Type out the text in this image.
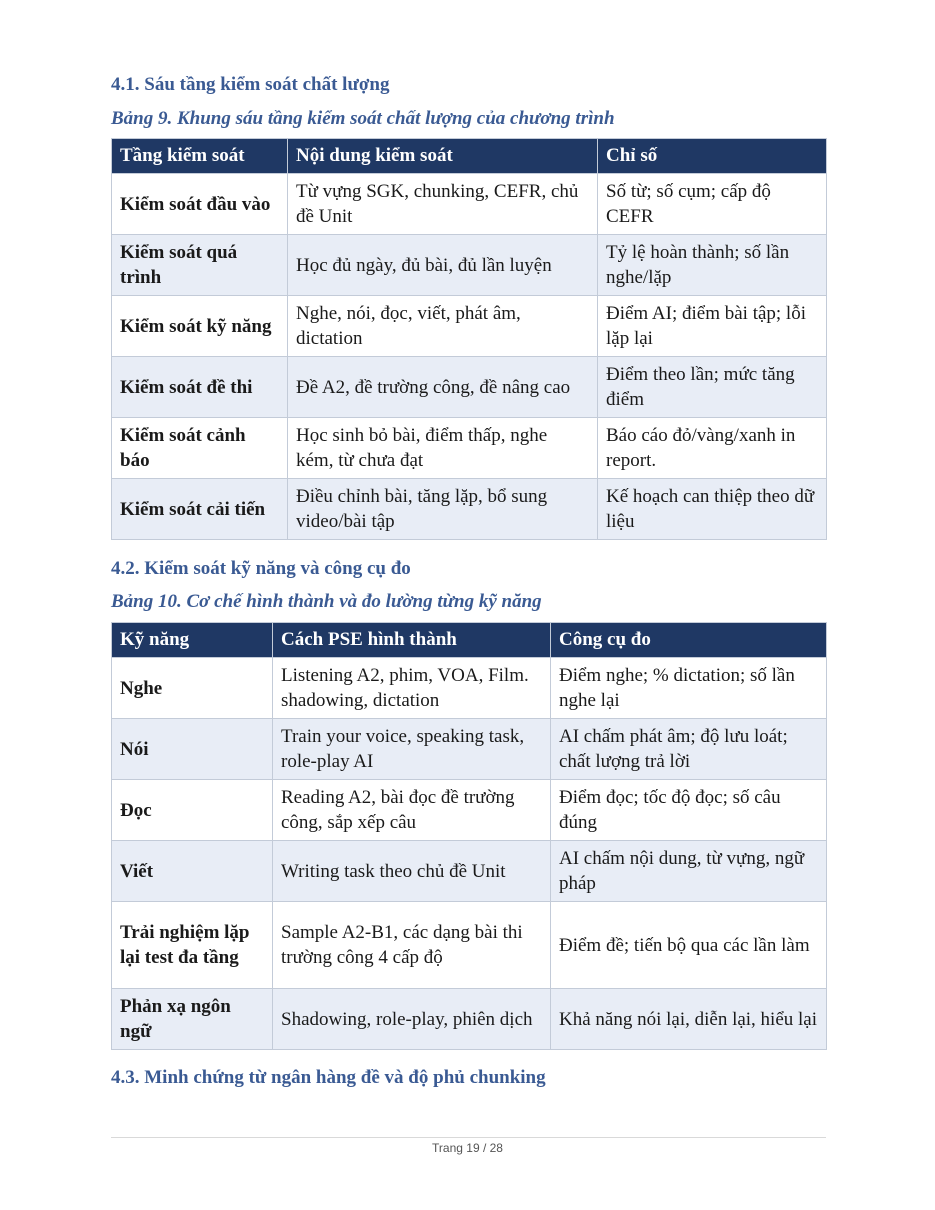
4.1. Sáu tầng kiểm soát chất lượng
Bảng 9. Khung sáu tầng kiểm soát chất lượng của chương trình
Tầng kiểm soát	Nội dung kiểm soát	Chỉ số
Kiểm soát đầu vào	Từ vựng SGK, chunking, CEFR, chủ đề Unit	Số từ; số cụm; cấp độ CEFR
Kiểm soát quá trình	Học đủ ngày, đủ bài, đủ lần luyện	Tỷ lệ hoàn thành; số lần nghe/lặp
Kiểm soát kỹ năng	Nghe, nói, đọc, viết, phát âm, dictation	Điểm AI; điểm bài tập; lỗi lặp lại
Kiểm soát đề thi	Đề A2, đề trường công, đề nâng cao	Điểm theo lần; mức tăng điểm
Kiểm soát cảnh báo	Học sinh bỏ bài, điểm thấp, nghe kém, từ chưa đạt	Báo cáo đỏ/vàng/xanh in report.
Kiểm soát cải tiến	Điều chỉnh bài, tăng lặp, bổ sung video/bài tập	Kế hoạch can thiệp theo dữ liệu
4.2. Kiểm soát kỹ năng và công cụ đo
Bảng 10. Cơ chế hình thành và đo lường từng kỹ năng
Kỹ năng	Cách PSE hình thành	Công cụ đo
Nghe	Listening A2, phim, VOA, Film. shadowing, dictation	Điểm nghe; % dictation; số lần nghe lại
Nói	Train your voice, speaking task, role-play AI	AI chấm phát âm; độ lưu loát; chất lượng trả lời
Đọc	Reading A2, bài đọc đề trường công, sắp xếp câu	Điểm đọc; tốc độ đọc; số câu đúng
Viết	Writing task theo chủ đề Unit	AI chấm nội dung, từ vựng, ngữ pháp
Trải nghiệm lặp lại test đa tầng	Sample A2-B1, các dạng bài thi trường công 4 cấp độ	Điểm đề; tiến bộ qua các lần làm
Phản xạ ngôn ngữ	Shadowing, role-play, phiên dịch	Khả năng nói lại, diễn lại, hiểu lại
4.3. Minh chứng từ ngân hàng đề và độ phủ chunking
Trang 19 / 28
